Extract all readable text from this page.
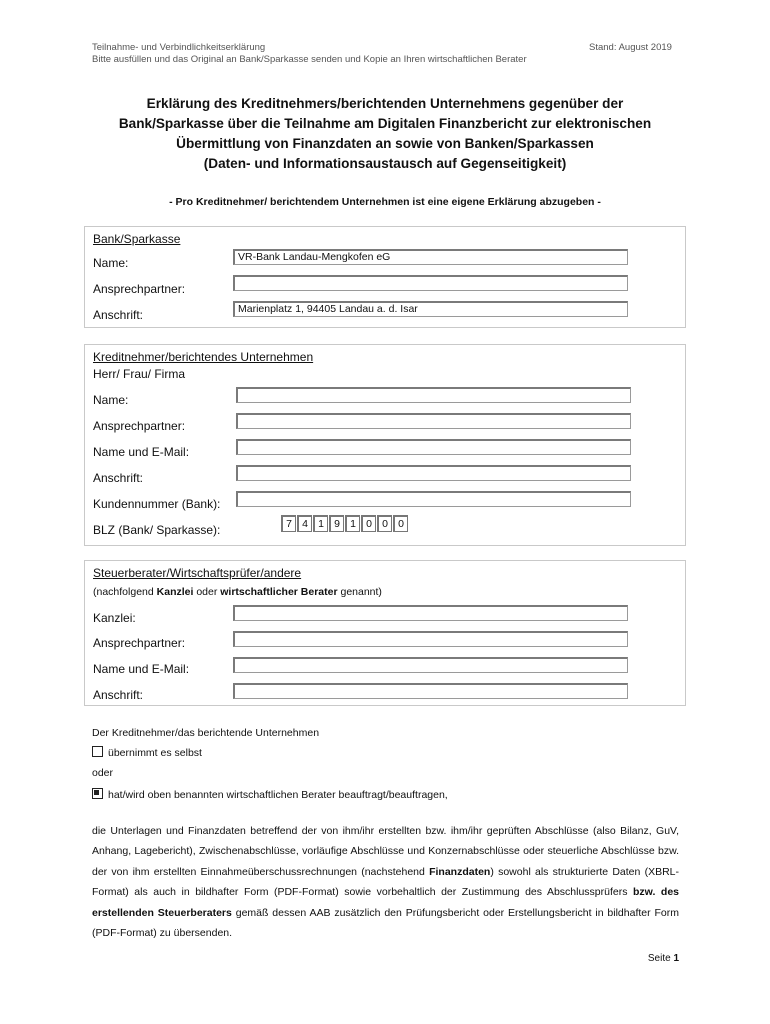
Teilnahme- und Verbindlichkeitserklärung
Bitte ausfüllen und das Original an Bank/Sparkasse senden und Kopie an Ihren wirtschaftlichen Berater
Stand: August 2019
Erklärung des Kreditnehmers/berichtenden Unternehmens gegenüber der
Bank/Sparkasse über die Teilnahme am Digitalen Finanzbericht zur elektronischen
Übermittlung von Finanzdaten an sowie von Banken/Sparkassen
(Daten- und Informationsaustausch auf Gegenseitigkeit)
- Pro Kreditnehmer/ berichtendem Unternehmen ist eine eigene Erklärung abzugeben -
Bank/Sparkasse
Name:	VR-Bank Landau-Mengkofen eG
Ansprechpartner:
Anschrift:	Marienplatz 1, 94405 Landau a. d. Isar
Kreditnehmer/berichtendes Unternehmen
Herr/ Frau/ Firma
Name:
Ansprechpartner:
Name und E-Mail:
Anschrift:
Kundennummer (Bank):
BLZ (Bank/ Sparkasse):	7 4 1 9 1 0 0 0
Steuerberater/Wirtschaftsprüfer/andere
(nachfolgend Kanzlei oder wirtschaftlicher Berater genannt)
Kanzlei:
Ansprechpartner:
Name und E-Mail:
Anschrift:
Der Kreditnehmer/das berichtende Unternehmen
übernimmt es selbst
oder
hat/wird oben benannten wirtschaftlichen Berater beauftragt/beauftragen,
die Unterlagen und Finanzdaten betreffend der von ihm/ihr erstellten bzw. ihm/ihr geprüften Abschlüsse (also Bilanz, GuV, Anhang, Lagebericht), Zwischenabschlüsse, vorläufige Abschlüsse und Konzernabschlüsse oder steuerliche Abschlüsse bzw. der von ihm erstellten Einnahmeüberschussrechnungen (nachstehend Finanzdaten) sowohl als strukturierte Daten (XBRL-Format) als auch in bildhafter Form (PDF-Format) sowie vorbehaltlich der Zustimmung des Abschlussprüfers bzw. des erstellenden Steuerberaters gemäß dessen AAB zusätzlich den Prüfungsbericht oder Erstellungsbericht in bildhafter Form (PDF-Format) zu übersenden.
Seite 1
